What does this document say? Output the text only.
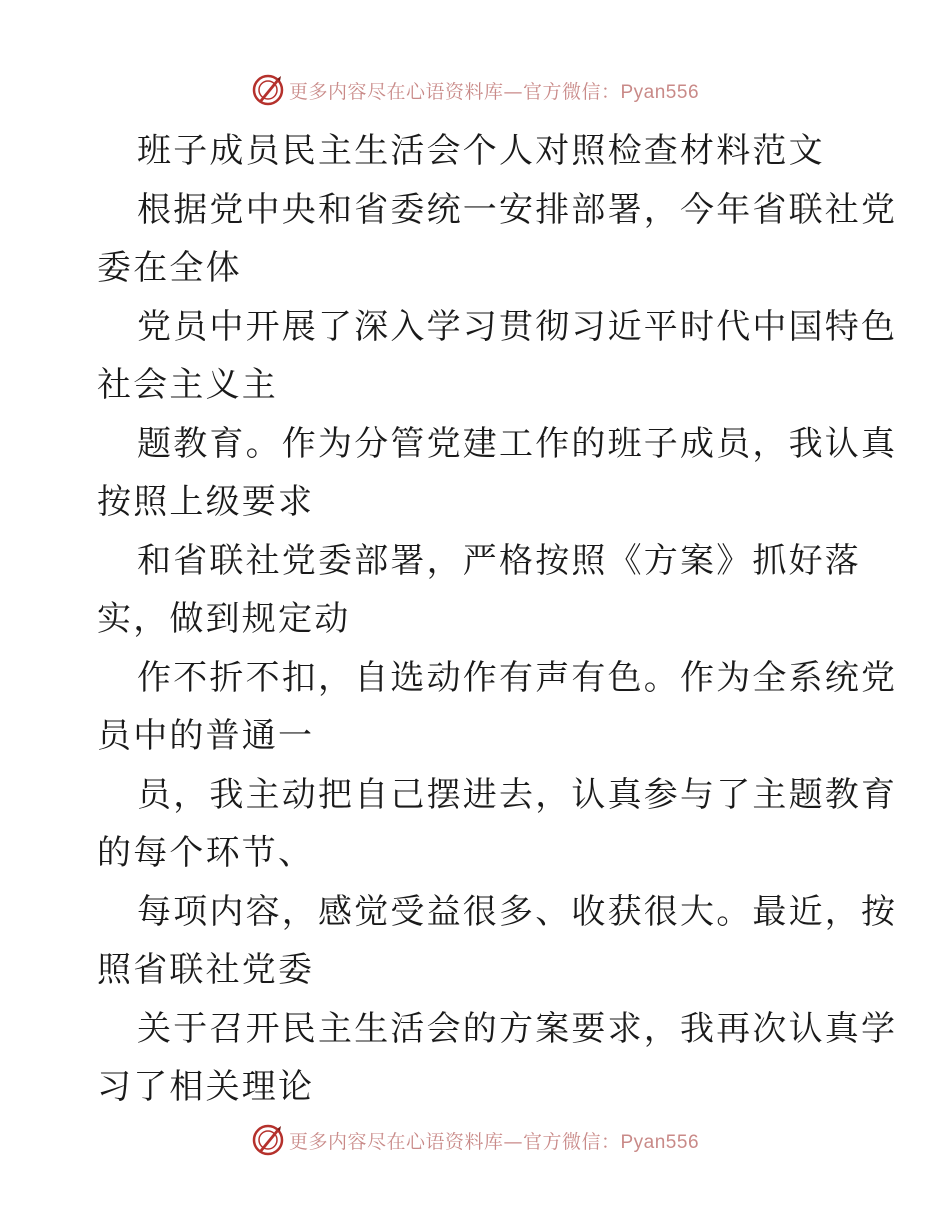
更多内容尽在心语资料库—官方微信：Pyan556
班子成员民主生活会个人对照检查材料范文
根据党中央和省委统一安排部署，今年省联社党
委在全体
党员中开展了深入学习贯彻习近平时代中国特色
社会主义主
题教育。作为分管党建工作的班子成员，我认真
按照上级要求
和省联社党委部署，严格按照《方案》抓好落
实，做到规定动
作不折不扣，自选动作有声有色。作为全系统党
员中的普通一
员，我主动把自己摆进去，认真参与了主题教育
的每个环节、
每项内容，感觉受益很多、收获很大。最近，按
照省联社党委
关于召开民主生活会的方案要求，我再次认真学
习了相关理论
更多内容尽在心语资料库—官方微信：Pyan556
